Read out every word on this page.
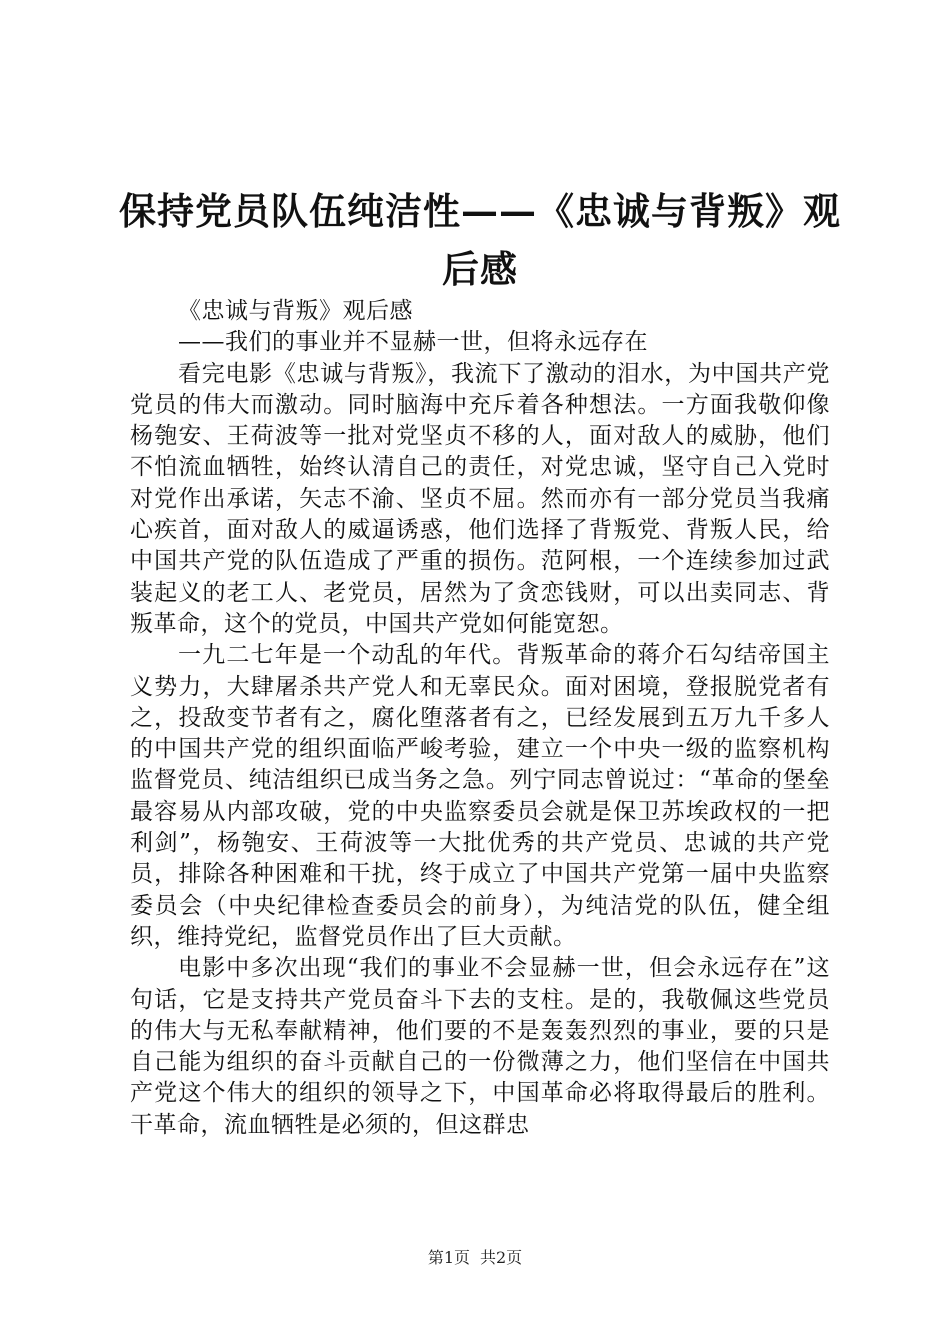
保持党员队伍纯洁性——《忠诚与背叛》观后感

《忠诚与背叛》观后感

——我们的事业并不显赫一世，但将永远存在

看完电影《忠诚与背叛》，我流下了激动的泪水，为中国共产党党员的伟大而激动。同时脑海中充斥着各种想法。一方面我敬仰像杨匏安、王荷波等一批对党坚贞不移的人，面对敌人的威胁，他们不怕流血牺牲，始终认清自己的责任，对党忠诚，坚守自己入党时对党作出承诺，矢志不渝、坚贞不屈。然而亦有一部分党员当我痛心疾首，面对敌人的威逼诱惑，他们选择了背叛党、背叛人民，给中国共产党的队伍造成了严重的损伤。范阿根，一个连续参加过武装起义的老工人、老党员，居然为了贪恋钱财，可以出卖同志、背叛革命，这个的党员，中国共产党如何能宽恕。

一九二七年是一个动乱的年代。背叛革命的蒋介石勾结帝国主义势力，大肆屠杀共产党人和无辜民众。面对困境，登报脱党者有之，投敌变节者有之，腐化堕落者有之，已经发展到五万九千多人的中国共产党的组织面临严峻考验，建立一个中央一级的监察机构监督党员、纯洁组织已成当务之急。列宁同志曾说过：“革命的堡垒最容易从内部攻破，党的中央监察委员会就是保卫苏埃政权的一把利剑”，杨匏安、王荷波等一大批优秀的共产党员、忠诚的共产党员，排除各种困难和干扰，终于成立了中国共产党第一届中央监察委员会（中央纪律检查委员会的前身），为纯洁党的队伍，健全组织，维持党纪，监督党员作出了巨大贡献。

电影中多次出现“我们的事业不会显赫一世，但会永远存在”这句话，它是支持共产党员奋斗下去的支柱。是的，我敬佩这些党员的伟大与无私奉献精神，他们要的不是轰轰烈烈的事业，要的只是自己能为组织的奋斗贡献自己的一份微薄之力，他们坚信在中国共产党这个伟大的组织的领导之下，中国革命必将取得最后的胜利。干革命，流血牺牲是必须的，但这群忠

第1页 共2页
